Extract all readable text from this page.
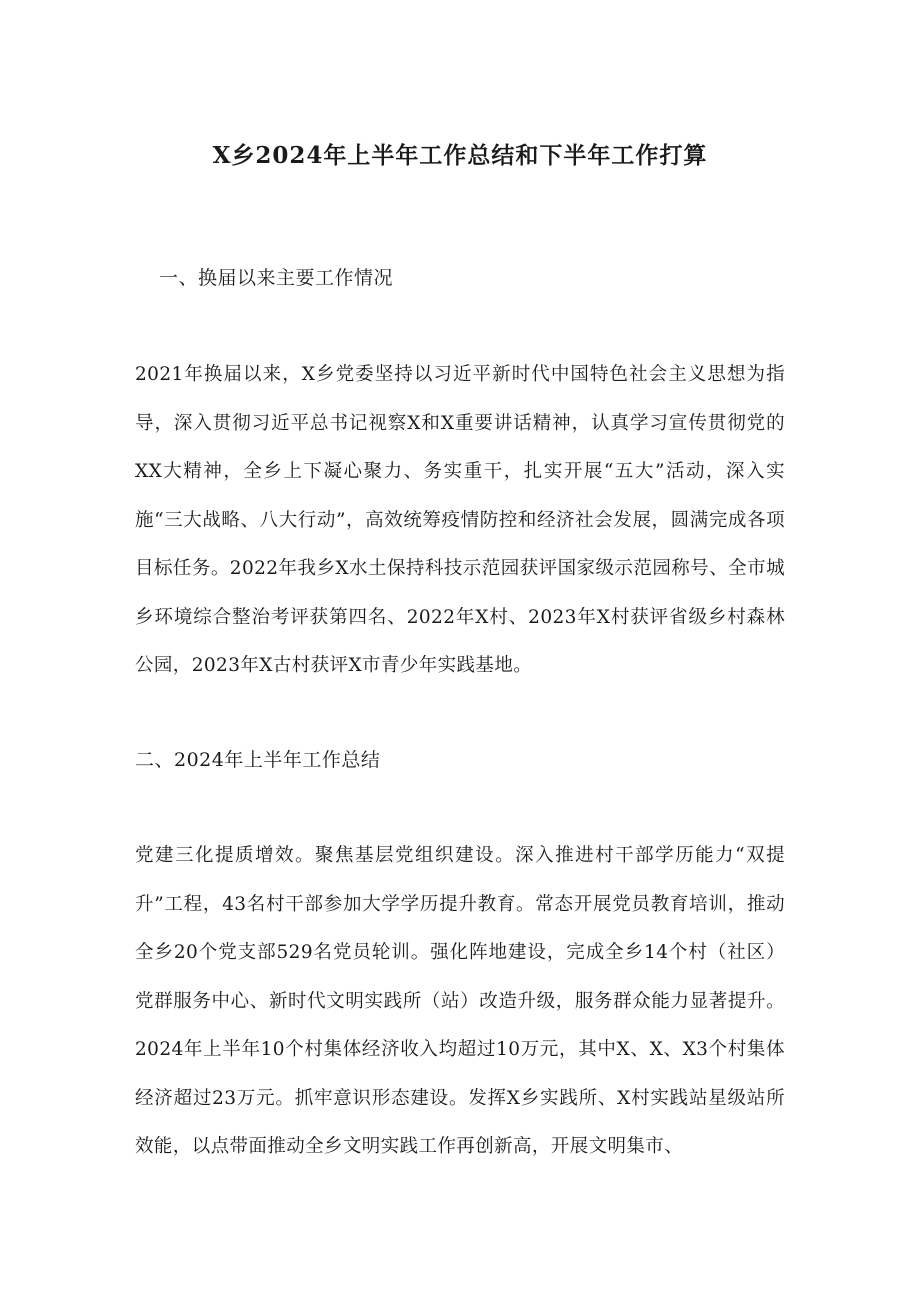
X乡2024年上半年工作总结和下半年工作打算
一、换届以来主要工作情况
2021年换届以来，X乡党委坚持以习近平新时代中国特色社会主义思想为指导，深入贯彻习近平总书记视察X和X重要讲话精神，认真学习宣传贯彻党的XX大精神，全乡上下凝心聚力、务实重干，扎实开展“五大”活动，深入实施“三大战略、八大行动”，高效统筹疫情防控和经济社会发展，圆满完成各项目标任务。2022年我乡X水土保持科技示范园获评国家级示范园称号、全市城乡环境综合整治考评获第四名、2022年X村、2023年X村获评省级乡村森林公园，2023年X古村获评X市青少年实践基地。
二、2024年上半年工作总结
党建三化提质增效。聚焦基层党组织建设。深入推进村干部学历能力“双提升”工程，43名村干部参加大学学历提升教育。常态开展党员教育培训，推动全乡20个党支部529名党员轮训。强化阵地建设，完成全乡14个村（社区）党群服务中心、新时代文明实践所（站）改造升级，服务群众能力显著提升。2024年上半年10个村集体经济收入均超过10万元，其中X、X、X3个村集体经济超过23万元。抓牢意识形态建设。发挥X乡实践所、X村实践站星级站所效能，以点带面推动全乡文明实践工作再创新高，开展文明集市、
